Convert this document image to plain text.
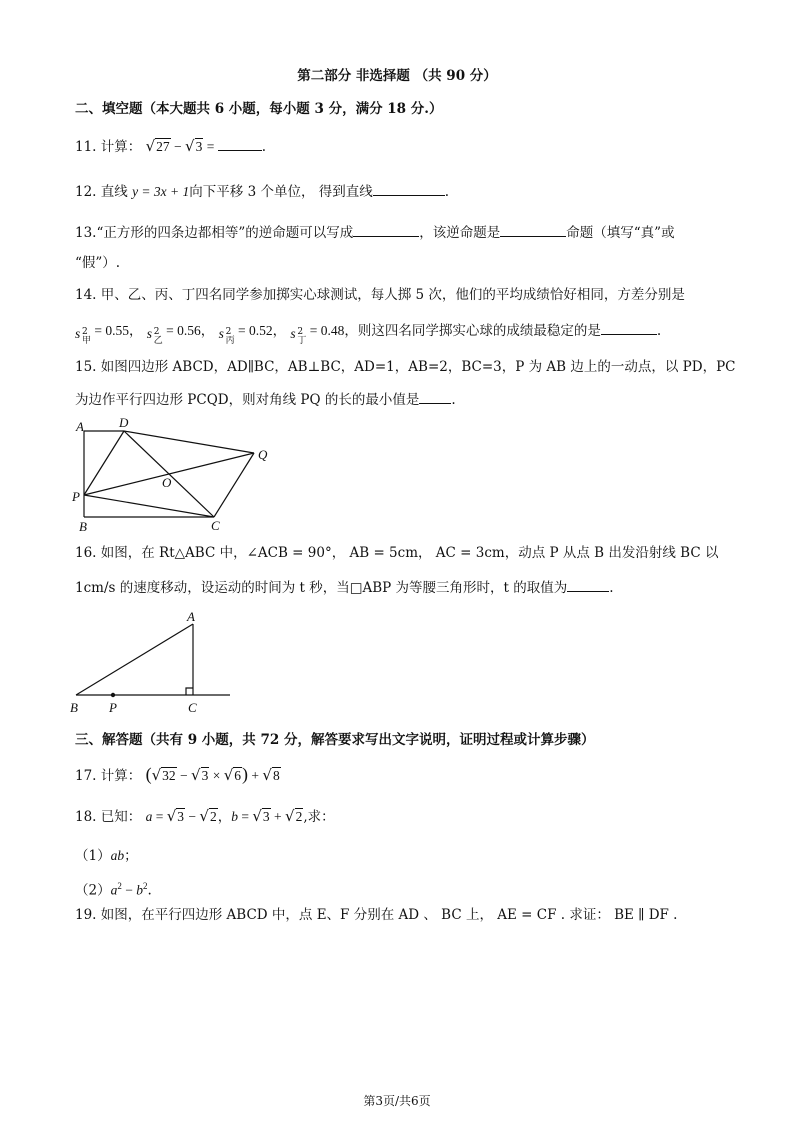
第二部分 非选择题 （共 90 分）
二、填空题（本大题共 6 小题，每小题 3 分，满分 18 分.）
11. 计算： √27 − √3 =	.
12. 直线 y = 3x + 1向下平移 3 个单位， 得到直线	.
13.“正方形的四条边都相等”的逆命题可以写成	，该逆命题是	命题（填写“真”或
“假”）.
14. 甲、乙、丙、丁四名同学参加掷实心球测试，每人掷 5 次，他们的平均成绩恰好相同，方差分别是
s 2
甲
= 0.55， s 2
乙
= 0.56， s 2
丙
= 0.52， s 2
丁
= 0.48，则这四名同学掷实心球的成绩最稳定的是	.
15. 如图四边形 ABCD，AD∥BC，AB⊥BC，AD=1，AB=2，BC=3，P 为 AB 边上的一动点，以 PD，PC
为边作平行四边形 PCQD，则对角线 PQ 的长的最小值是 .
A	D
Q
O
P
B	C
16. 如图，在 Rt△ABC 中，∠ACB = 90°， AB = 5cm， AC = 3cm，动点 P 从点 B 出发沿射线 BC 以
1cm/s 的速度移动，设运动的时间为 t 秒，当□ABP 为等腰三角形时，t 的取值为	.
A
B P	C
三、解答题（共有 9 小题，共 72 分，解答要求写出文字说明，证明过程或计算步骤）
17. 计算： (√32 − √3 × √6) + √8
18. 已知： a = √3 − √2，b = √3 + √2,求：
（1）ab；
$(2)a^2 - b^2$.
19. 如图，在平行四边形 ABCD 中，点 E、F 分别在 AD 、 BC 上， AE = CF . 求证： BE ∥ DF .
第3页/共6页
